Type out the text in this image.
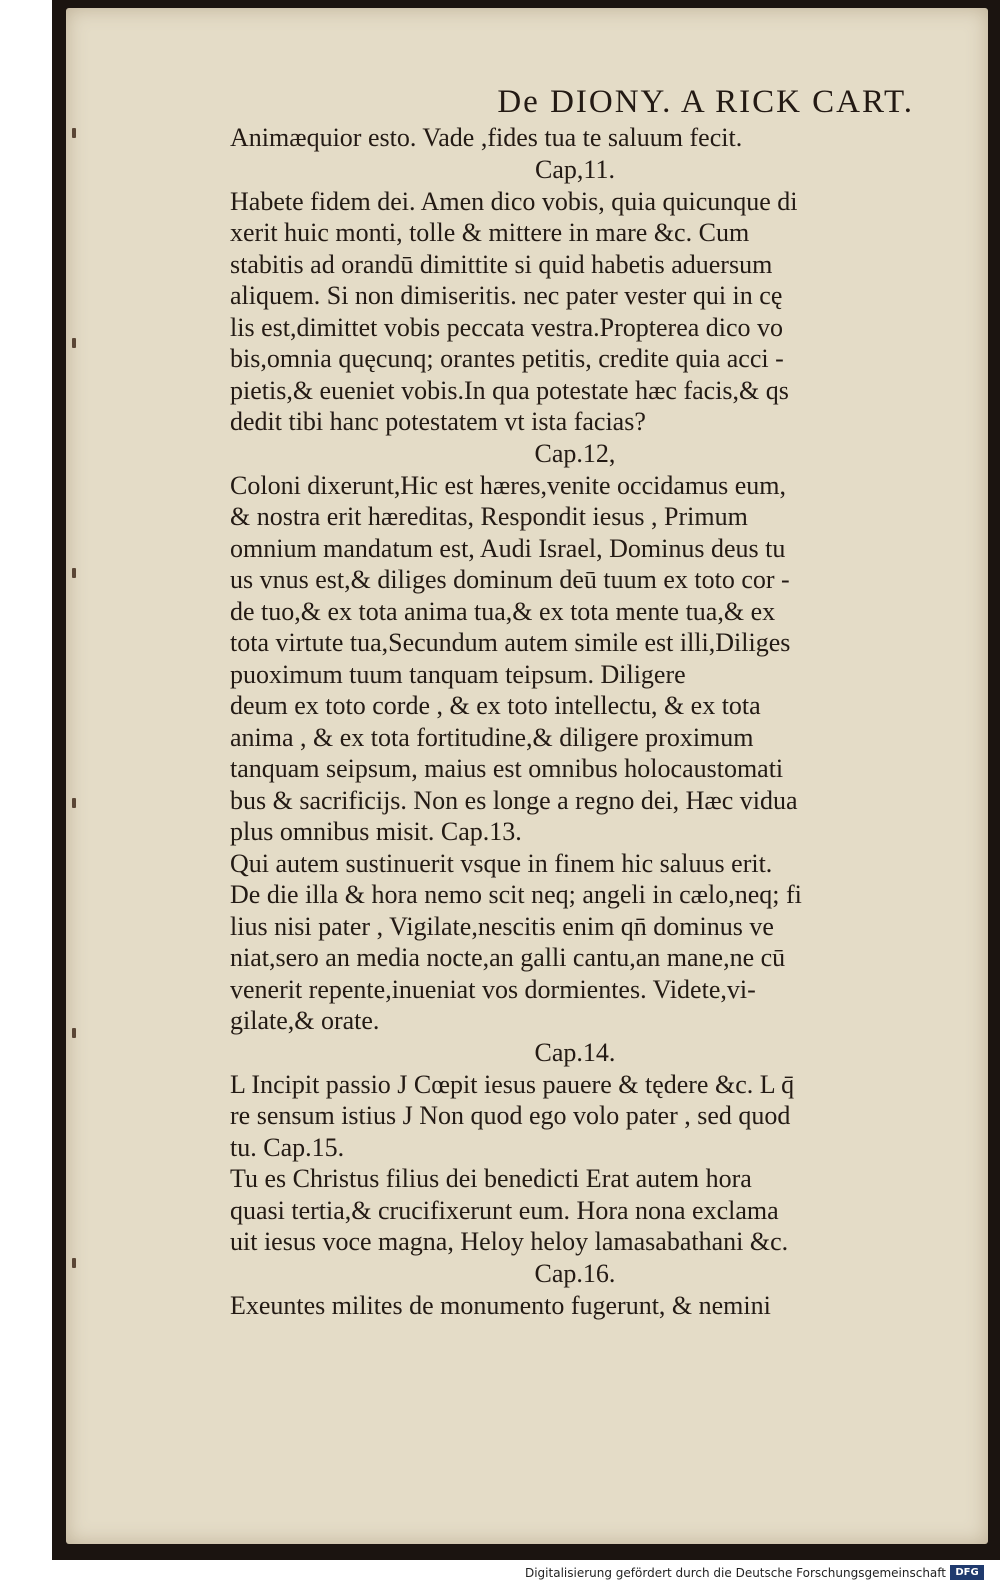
De DIONY. A RICK CART.
Animæquior esto. Vade ,fides tua te saluum fecit.
Cap,11.
Habete fidem dei. Amen dico vobis, quia quicunque di
xerit huic monti, tolle & mittere in mare &c. Cum
stabitis ad orandū dimittite si quid habetis aduersum
aliquem. Si non dimiseritis. nec pater vester qui in cę
lis est,dimittet vobis peccata vestra.Propterea dico vo
bis,omnia quęcunq; orantes petitis, credite quia acci -
pietis,& eueniet vobis.In qua potestate hæc facis,& qs
dedit tibi hanc potestatem vt ista facias?
Cap.12,
Coloni dixerunt,Hic est hæres,venite occidamus eum,
& nostra erit hæreditas, Respondit iesus , Primum
omnium mandatum est, Audi Israel, Dominus deus tu
us vnus est,& diliges dominum deū tuum ex toto cor -
de tuo,& ex tota anima tua,& ex tota mente tua,& ex
tota virtute tua,Secundum autem simile est illi,Diliges
puoximum tuum tanquam teipsum. Diligere
deum ex toto corde , & ex toto intellectu, & ex tota
anima , & ex tota fortitudine,& diligere proximum
tanquam seipsum, maius est omnibus holocaustomati
bus & sacrificijs. Non es longe a regno dei, Hæc vidua
plus omnibus misit. Cap.13.
Qui autem sustinuerit vsque in finem hic saluus erit.
De die illa & hora nemo scit neq; angeli in cælo,neq; fi
lius nisi pater , Vigilate,nescitis enim qn̄ dominus ve
niat,sero an media nocte,an galli cantu,an mane,ne cū
venerit repente,inueniat vos dormientes. Videte,vi-
gilate,& orate.
Cap.14.
L Incipit passio J Cœpit iesus pauere & tędere &c. L q̄
re sensum istius J Non quod ego volo pater , sed quod
tu. Cap.15.
Tu es Christus filius dei benedicti Erat autem hora
quasi tertia,& crucifixerunt eum. Hora nona exclama
uit iesus voce magna, Heloy heloy lamasabathani &c.
Cap.16.
Exeuntes milites de monumento fugerunt, & nemini
Digitalisierung gefördert durch die Deutsche Forschungsgemeinschaft DFG
